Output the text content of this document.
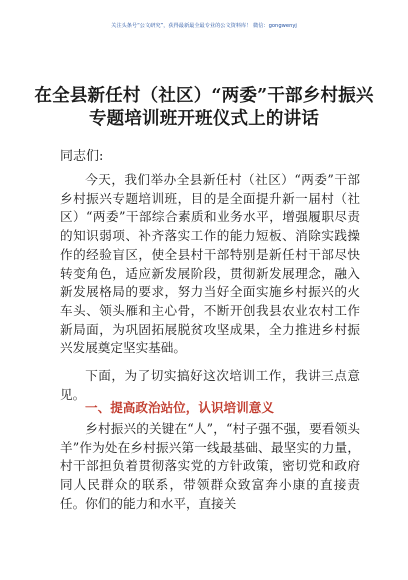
关注头条号“公文研究”，获得最新最全最专业的公文资料库！ 微信：gongwenyj
在全县新任村（社区）“两委”干部乡村振兴
专题培训班开班仪式上的讲话
同志们:
今天，我们举办全县新任村（社区）“两委”干部乡村振兴专题培训班，目的是全面提升新一届村（社区）“两委”干部综合素质和业务水平，增强履职尽责的知识弱项、补齐落实工作的能力短板、消除实践操作的经验盲区，使全县村干部特别是新任村干部尽快转变角色，适应新发展阶段，贯彻新发展理念，融入新发展格局的要求，努力当好全面实施乡村振兴的火车头、领头雁和主心骨，不断开创我县农业农村工作新局面，为巩固拓展脱贫攻坚成果，全力推进乡村振兴发展奠定坚实基础。
下面，为了切实搞好这次培训工作，我讲三点意见。
一、提高政治站位，认识培训意义
乡村振兴的关键在“人”，“村子强不强，要看领头羊”作为处在乡村振兴第一线最基础、最坚实的力量，村干部担负着贯彻落实党的方针政策，密切党和政府同人民群众的联系，带领群众致富奔小康的直接责任。你们的能力和水平，直接关
